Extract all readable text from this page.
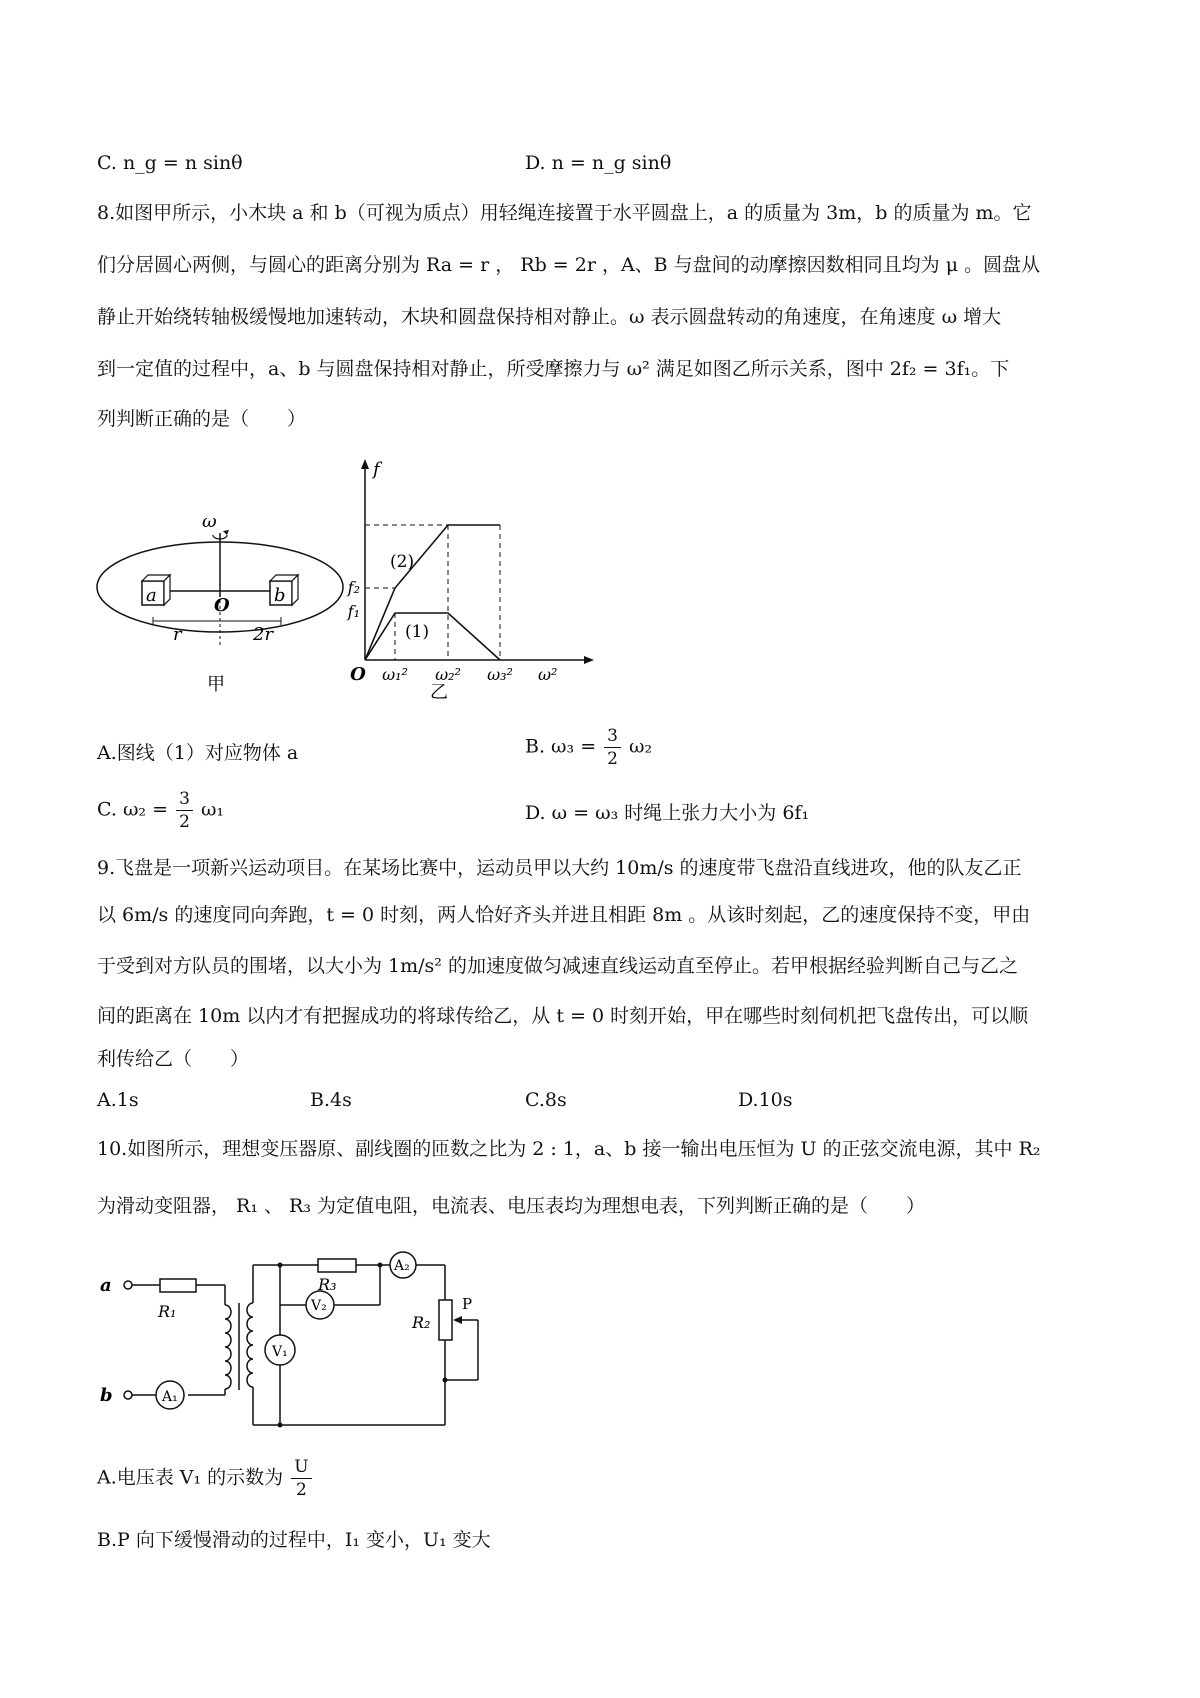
C. n_g = n sinθ	D. n = n_g sinθ
8.如图甲所示，小木块 a 和 b（可视为质点）用轻绳连接置于水平圆盘上，a 的质量为 3m，b 的质量为 m。它
们分居圆心两侧，与圆心的距离分别为 Ra = r ， Rb = 2r ，A、B 与盘间的动摩擦因数相同且均为 μ 。圆盘从
静止开始绕转轴极缓慢地加速转动，木块和圆盘保持相对静止。ω 表示圆盘转动的角速度，在角速度 ω 增大
到一定值的过程中，a、b 与圆盘保持相对静止，所受摩擦力与 ω² 满足如图乙所示关系，图中 2f₂ = 3f₁。下
列判断正确的是（　　）
ω
a	b
O
r	2r
甲
f
f₂
f₁
(2)
(1)
O ω₁² ω₂² ω₃² ω²
乙
A.图线（1）对应物体 a	B. $\omega_3 = \frac{3}{2} \omega_2$
C. $\omega_2 = \frac{3}{2} \omega_1$	D. ω = ω₃ 时绳上张力大小为 6f₁
9.飞盘是一项新兴运动项目。在某场比赛中，运动员甲以大约 10m/s 的速度带飞盘沿直线进攻，他的队友乙正
以 6m/s 的速度同向奔跑，t = 0 时刻，两人恰好齐头并进且相距 8m 。从该时刻起，乙的速度保持不变，甲由
于受到对方队员的围堵，以大小为 1m/s² 的加速度做匀减速直线运动直至停止。若甲根据经验判断自己与乙之
间的距离在 10m 以内才有把握成功的将球传给乙，从 t = 0 时刻开始，甲在哪些时刻伺机把飞盘传出，可以顺
利传给乙（　　）
A.1s	B.4s	C.8s	D.10s
10.如图所示，理想变压器原、副线圈的匝数之比为 2 : 1，a、b 接一输出电压恒为 U 的正弦交流电源，其中 R₂
为滑动变阻器， R₁ 、 R₃ 为定值电阻，电流表、电压表均为理想电表，下列判断正确的是（　　）
a
b
R₁
A₁
V₁
R₃
V₂
A₂
R₂
P
A.电压表 V₁ 的示数为 $\frac{U}{2}$
B.P 向下缓慢滑动的过程中，I₁ 变小，U₁ 变大
